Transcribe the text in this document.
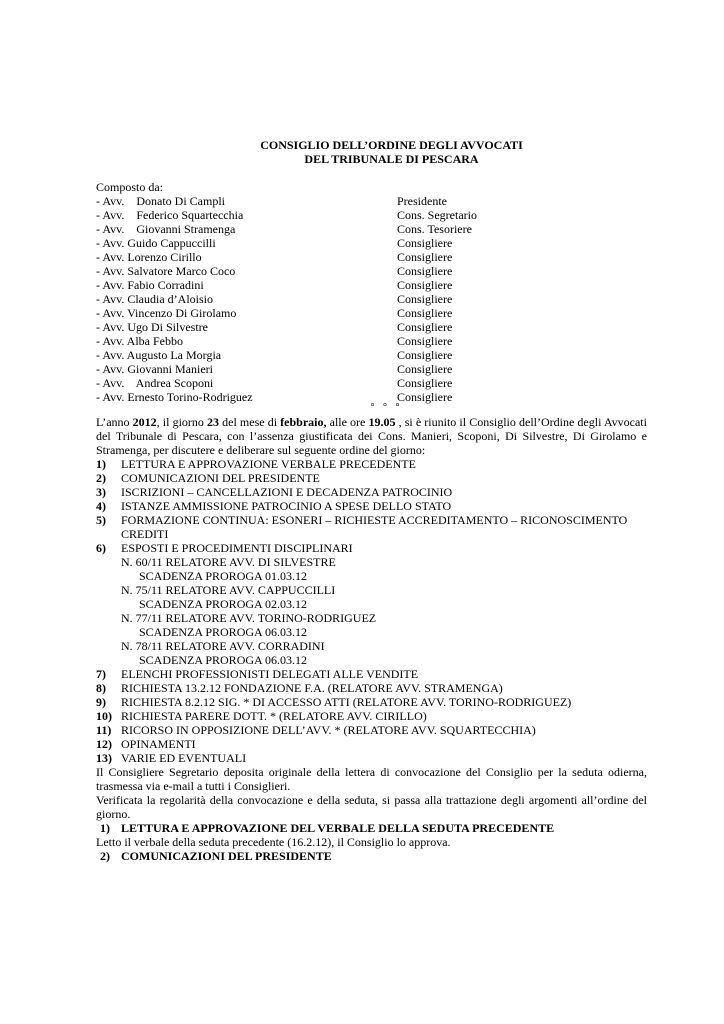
CONSIGLIO DELL’ORDINE DEGLI AVVOCATI
DEL TRIBUNALE DI PESCARA
Composto da:
- Avv.    Donato Di Campli	Presidente
- Avv.    Federico Squartecchia	Cons. Segretario
- Avv.    Giovanni Stramenga	Cons. Tesoriere
- Avv. Guido Cappuccilli	Consigliere
- Avv. Lorenzo Cirillo	Consigliere
- Avv. Salvatore Marco Coco	Consigliere
- Avv. Fabio Corradini	Consigliere
- Avv. Claudia d’Aloisio	Consigliere
- Avv. Vincenzo Di Girolamo	Consigliere
- Avv. Ugo Di Silvestre	Consigliere
- Avv. Alba Febbo	Consigliere
- Avv. Augusto La Morgia	Consigliere
- Avv. Giovanni Manieri	Consigliere
- Avv.    Andrea Scoponi	Consigliere
- Avv. Ernesto Torino-Rodriguez	Consigliere
° ° °
L’anno 2012, il giorno 23 del mese di febbraio, alle ore 19.05 , si è riunito il Consiglio dell’Ordine degli Avvocati del Tribunale di Pescara, con l’assenza giustificata dei Cons. Manieri, Scoponi, Di Silvestre, Di Girolamo e Stramenga, per discutere e deliberare sul seguente ordine del giorno:
1) LETTURA E APPROVAZIONE VERBALE PRECEDENTE
2) COMUNICAZIONI DEL PRESIDENTE
3) ISCRIZIONI – CANCELLAZIONI E DECADENZA PATROCINIO
4) ISTANZE AMMISSIONE PATROCINIO A SPESE DELLO STATO
5) FORMAZIONE CONTINUA: ESONERI – RICHIESTE ACCREDITAMENTO – RICONOSCIMENTO CREDITI
6) ESPOSTI E PROCEDIMENTI DISCIPLINARI
N. 60/11 RELATORE AVV. DI SILVESTRE
SCADENZA PROROGA 01.03.12
N. 75/11 RELATORE AVV. CAPPUCCILLI
SCADENZA PROROGA 02.03.12
N. 77/11 RELATORE AVV. TORINO-RODRIGUEZ
SCADENZA PROROGA 06.03.12
N. 78/11 RELATORE AVV. CORRADINI
SCADENZA PROROGA 06.03.12
7) ELENCHI PROFESSIONISTI DELEGATI ALLE VENDITE
8) RICHIESTA 13.2.12 FONDAZIONE F.A. (RELATORE AVV. STRAMENGA)
9) RICHIESTA 8.2.12 SIG. * DI ACCESSO ATTI (RELATORE AVV. TORINO-RODRIGUEZ)
10) RICHIESTA PARERE DOTT. * (RELATORE AVV. CIRILLO)
11) RICORSO IN OPPOSIZIONE DELL’AVV. * (RELATORE AVV. SQUARTECCHIA)
12) OPINAMENTI
13) VARIE ED EVENTUALI
Il Consigliere Segretario deposita originale della lettera di convocazione del Consiglio per la seduta odierna, trasmessa via e-mail a tutti i Consiglieri.
Verificata la regolarità della convocazione e della seduta, si passa alla trattazione degli argomenti all’ordine del giorno.
1) LETTURA E APPROVAZIONE DEL VERBALE DELLA SEDUTA PRECEDENTE
Letto il verbale della seduta precedente (16.2.12), il Consiglio lo approva.
2) COMUNICAZIONI DEL PRESIDENTE
